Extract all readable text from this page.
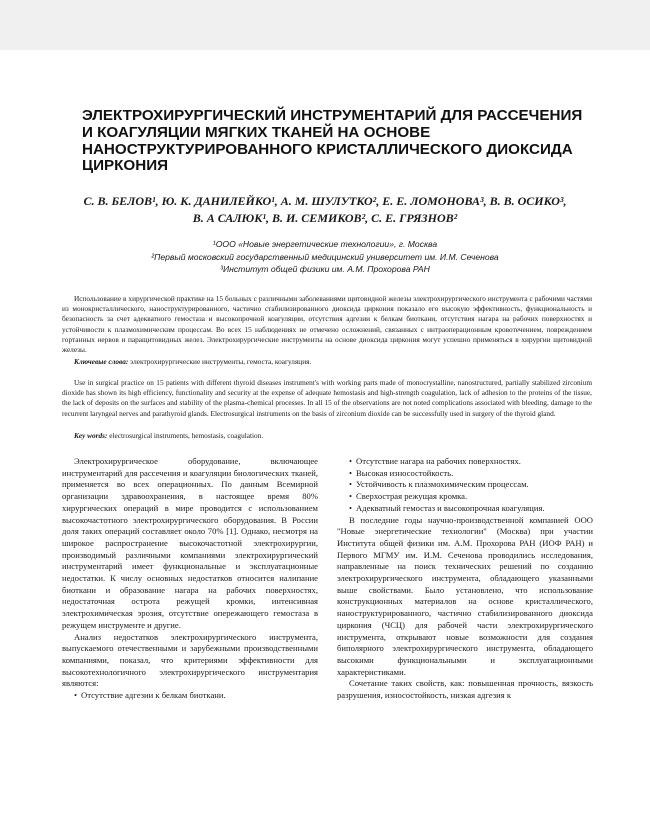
ЭЛЕКТРОХИРУРГИЧЕСКИЙ ИНСТРУМЕНТАРИЙ ДЛЯ РАССЕЧЕНИЯ
И КОАГУЛЯЦИИ МЯГКИХ ТКАНЕЙ НА ОСНОВЕ
НАНОСТРУКТУРИРОВАННОГО КРИСТАЛЛИЧЕСКОГО ДИОКСИДА
ЦИРКОНИЯ
С. В. БЕЛОВ¹, Ю. К. ДАНИЛЕЙКО¹, А. М. ШУЛУТКО², Е. Е. ЛОМОНОВА³, В. В. ОСИКО³,
В. А САЛЮК¹, В. И. СЕМИКОВ², С. Е. ГРЯЗНОВ²
¹ООО «Новые энергетические технологии», г. Москва
²Первый московский государственный медицинский университет им. И.М. Сеченова
³Институт общей физики им. А.М. Прохорова РАН

Использование в хирургической практике на 15 больных с различными заболеваниями щитовидной железы электрохирургического инструмента с рабочими частями из монокристаллического, наноструктурированного, частично стабилизированного диоксида циркония показало его высокую эффективность, функциональность и безопасность за счет адекватного гемостаза и высокопрочной коагуляции, отсутствия адгезии к белкам биоткани, отсутствия нагара на рабочих поверхностях и устойчивости к плазмохимическим процессам. Во всех 15 наблюдениях не отмечено осложнений, связанных с интраоперационным кровотечением, повреждением гортанных нервов и паращитовидных желез. Электрохирургические инструменты на основе диоксида циркония могут успешно применяться в хирургии щитовидной железы.

Ключевые слова: электрохирургические инструменты, гемоста, коагуляция.

Use in surgical practice on 15 patients with different thyroid diseases instrument's with working parts made of monocrystalline, nanostructured, partially stabilized zirconium dioxide has shown its high efficiency, functionality and security at the expense of adequate hemostasis and high-strength coagulation, lack of adhesion to the proteins of the tissue, the lack of deposits on the surfaces and stability of the plasma-chemical processes. In all 15 of the observations are not noted complications associated with bleeding, damage to the recurrent laryngeal nerves and parathyroid glands. Electrosurgical instruments on the basis of zirconium dioxide can be successfully used in surgery of the thyroid gland.

Key words: electrosurgical instruments, hemostasis, coagulation.

Электрохирургическое оборудование, включающее инструментарий для рассечения и коагуляции биологических тканей, применяется во всех операционных. По данным Всемирной организации здравоохранения, в настоящее время 80% хирургических операций в мире проводится с использованием высокочастотного электрохирургического оборудования. В России доля таких операций составляет около 70% [1]. Однако, несмотря на широкое распространение высокочастотной электрохирургии, производимый различными компаниями электрохирургический инструментарий имеет функциональные и эксплуатационные недостатки. К числу основных недостатков относится налипание биоткани и образование нагара на рабочих поверхностях, недостаточная острота режущей кромки, интенсивная электрохимическая эрозия, отсутствие опережающего гемостаза в режущем инструменте и другие.

Анализ недостатков электрохирургического инструмента, выпускаемого отечественными и зарубежными производственными компаниями, показал, что критериями эффективности для высокотехнологичного электрохирургического инструментария являются:

• Отсутствие адгезии к белкам биоткани.

• Отсутствие нагара на рабочих поверхностях.

• Высокая износостойкость.

• Устойчивость к плазмохимическим процессам.

• Сверхострая режущая кромка.

• Адекватный гемостаз и высокопрочная коагуляция.

В последние годы научно-производственной компанией ООО "Новые энергетические технологии" (Москва) при участии Института общей физики им. А.М. Прохорова РАН (ИОФ РАН) и Первого МГМУ им. И.М. Сеченова проводились исследования, направленные на поиск технических решений по созданию электрохирургического инструмента, обладающего указанными выше свойствами. Было установлено, что использование конструкционных материалов на основе кристаллического, наноструктурированного, частично стабилизированного диоксида циркония (ЧСЦ) для рабочей части электрохирургического инструмента, открывают новые возможности для создания биполярного электрохирургического инструмента, обладающего высокими функциональными и эксплуатационными характеристиками.

Сочетание таких свойств, как: повышенная прочность, вязкость разрушения, износостойкость, низкая адгезия к
